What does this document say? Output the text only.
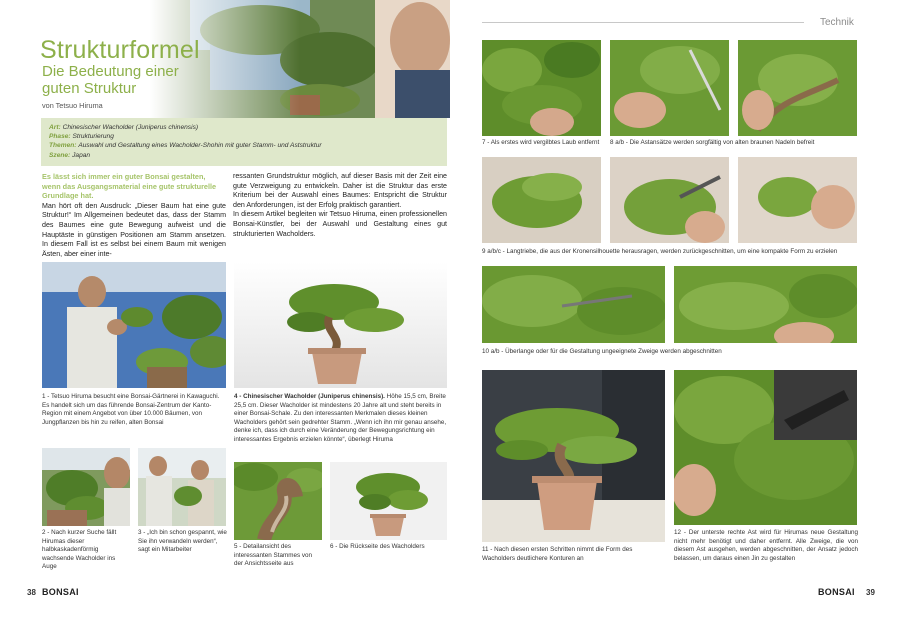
Strukturformel
Die Bedeutung einer
guten Struktur
von Tetsuo Hiruma
Art: Chinesischer Wacholder (Juniperus chinensis)
Phase: Strukturierung
Themen: Auswahl und Gestaltung eines Wacholder-Shohin mit guter Stamm- und Aststruktur
Szene: Japan
Es lässt sich immer ein guter Bonsai gestalten, wenn das Ausgangsmaterial eine gute strukturelle Grundlage hat.
Man hört oft den Ausdruck: „Dieser Baum hat eine gute Struktur!“ Im Allgemeinen bedeutet das, dass der Stamm des Baumes eine gute Bewegung aufweist und die Hauptäste in günstigen Positionen am Stamm ansetzen. In diesem Fall ist es selbst bei einem Baum mit wenigen Ästen, aber einer inte-
ressanten Grundstruktur möglich, auf dieser Basis mit der Zeit eine gute Verzweigung zu entwickeln. Daher ist die Struktur das erste Kriterium bei der Auswahl eines Baumes: Entspricht die Struktur den Anforderungen, ist der Erfolg praktisch garantiert.
In diesem Artikel begleiten wir Tetsuo Hiruma, einen professionellen Bonsai-Künstler, bei der Auswahl und Gestaltung eines gut strukturierten Wacholders.
1 - Tetsuo Hiruma besucht eine Bonsai-Gärtnerei in Kawaguchi. Es handelt sich um das führende Bonsai-Zentrum der Kanto-Region mit einem Angebot von über 10.000 Bäumen, von Jungpflanzen bis hin zu reifen, alten Bonsai
4 - Chinesischer Wacholder (Juniperus chinensis). Höhe 15,5 cm, Breite 25,5 cm. Dieser Wacholder ist mindestens 20 Jahre alt und steht bereits in einer Bonsai-Schale. Zu den interessanten Merkmalen dieses kleinen Wacholders gehört sein gedrehter Stamm. „Wenn ich ihn mir genau ansehe, denke ich, dass ich durch eine Veränderung der Bewegungsrichtung ein interessantes Ergebnis erzielen könnte“, überlegt Hiruma
2 - Nach kurzer Suche fällt Hirumas dieser halbkaskadenförmig wachsende Wacholder ins Auge
3 - „Ich bin schon gespannt, wie Sie ihn verwandeln werden“, sagt ein Mitarbeiter	5 - Detailansicht des interessanten Stammes von der Ansichtsseite aus
6 - Die Rückseite des Wacholders
38 BONSAI
Technik
7 - Als erstes wird vergilbtes Laub entfernt	8 a/b - Die Astansätze werden sorgfältig von alten braunen Nadeln befreit
9 a/b/c - Langtriebe, die aus der Kronensilhouette herausragen, werden zurückgeschnitten, um eine kompakte Form zu erzielen
10 a/b - Überlange oder für die Gestaltung ungeeignete Zweige werden abgeschnitten
11 - Nach diesen ersten Schritten nimmt die Form des Wacholders deutlichere Konturen an
12 - Der unterste rechte Ast wird für Hirumas neue Gestaltung nicht mehr benötigt und daher entfernt. Alle Zweige, die von diesem Ast ausgehen, werden abgeschnitten, der Ansatz jedoch belassen, um daraus einen Jin zu gestalten
BONSAI 39
